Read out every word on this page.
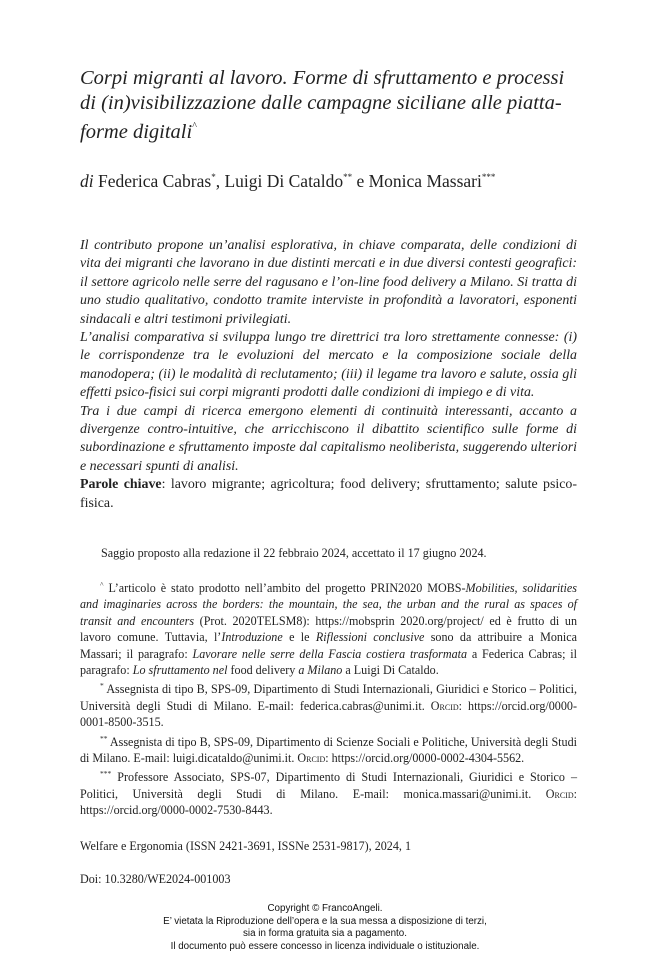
Corpi migranti al lavoro. Forme di sfruttamento e processi di (in)visibilizzazione dalle campagne siciliane alle piatta-forme digitali^
di Federica Cabras*, Luigi Di Cataldo** e Monica Massari***

Il contributo propone un’analisi esplorativa, in chiave comparata, delle condizioni di vita dei migranti che lavorano in due distinti mercati e in due diversi contesti geografici: il settore agricolo nelle serre del ragusano e l’on-line food delivery a Milano. Si tratta di uno studio qualitativo, condotto tramite interviste in profondità a lavoratori, esponenti sindacali e altri testimoni privilegiati.

L’analisi comparativa si sviluppa lungo tre direttrici tra loro strettamente connesse: (i) le corrispondenze tra le evoluzioni del mercato e la composizione sociale della manodopera; (ii) le modalità di reclutamento; (iii) il legame tra lavoro e salute, ossia gli effetti psico-fisici sui corpi migranti prodotti dalle condizioni di impiego e di vita.

Tra i due campi di ricerca emergono elementi di continuità interessanti, accanto a divergenze contro-intuitive, che arricchiscono il dibattito scientifico sulle forme di subordinazione e sfruttamento imposte dal capitalismo neoliberista, suggerendo ulteriori e necessari spunti di analisi.

Parole chiave: lavoro migrante; agricoltura; food delivery; sfruttamento; salute psico-fisica.

Saggio proposto alla redazione il 22 febbraio 2024, accettato il 17 giugno 2024.

^ L’articolo è stato prodotto nell’ambito del progetto PRIN2020 MOBS-Mobilities, solidarities and imaginaries across the borders: the mountain, the sea, the urban and the rural as spaces of transit and encounters (Prot. 2020TELSM8): https://mobsprin 2020.org/project/ ed è frutto di un lavoro comune. Tuttavia, l’Introduzione e le Riflessioni conclusive sono da attribuire a Monica Massari; il paragrafo: Lavorare nelle serre della Fascia costiera trasformata a Federica Cabras; il paragrafo: Lo sfruttamento nel food delivery a Milano a Luigi Di Cataldo.

* Assegnista di tipo B, SPS-09, Dipartimento di Studi Internazionali, Giuridici e Storico – Politici, Università degli Studi di Milano. E-mail: federica.cabras@unimi.it. Orcid: https://orcid.org/0000-0001-8500-3515.

** Assegnista di tipo B, SPS-09, Dipartimento di Scienze Sociali e Politiche, Università degli Studi di Milano. E-mail: luigi.dicataldo@unimi.it. Orcid: https://orcid.org/0000-0002-4304-5562.

*** Professore Associato, SPS-07, Dipartimento di Studi Internazionali, Giuridici e Storico – Politici, Università degli Studi di Milano. E-mail: monica.massari@unimi.it. Orcid: https://orcid.org/0000-0002-7530-8443.

Welfare e Ergonomia (ISSN 2421-3691, ISSNe 2531-9817), 2024, 1
Doi: 10.3280/WE2024-001003
Copyright © FrancoAngeli.
E’ vietata la Riproduzione dell’opera e la sua messa a disposizione di terzi,
sia in forma gratuita sia a pagamento.
Il documento può essere concesso in licenza individuale o istituzionale.
